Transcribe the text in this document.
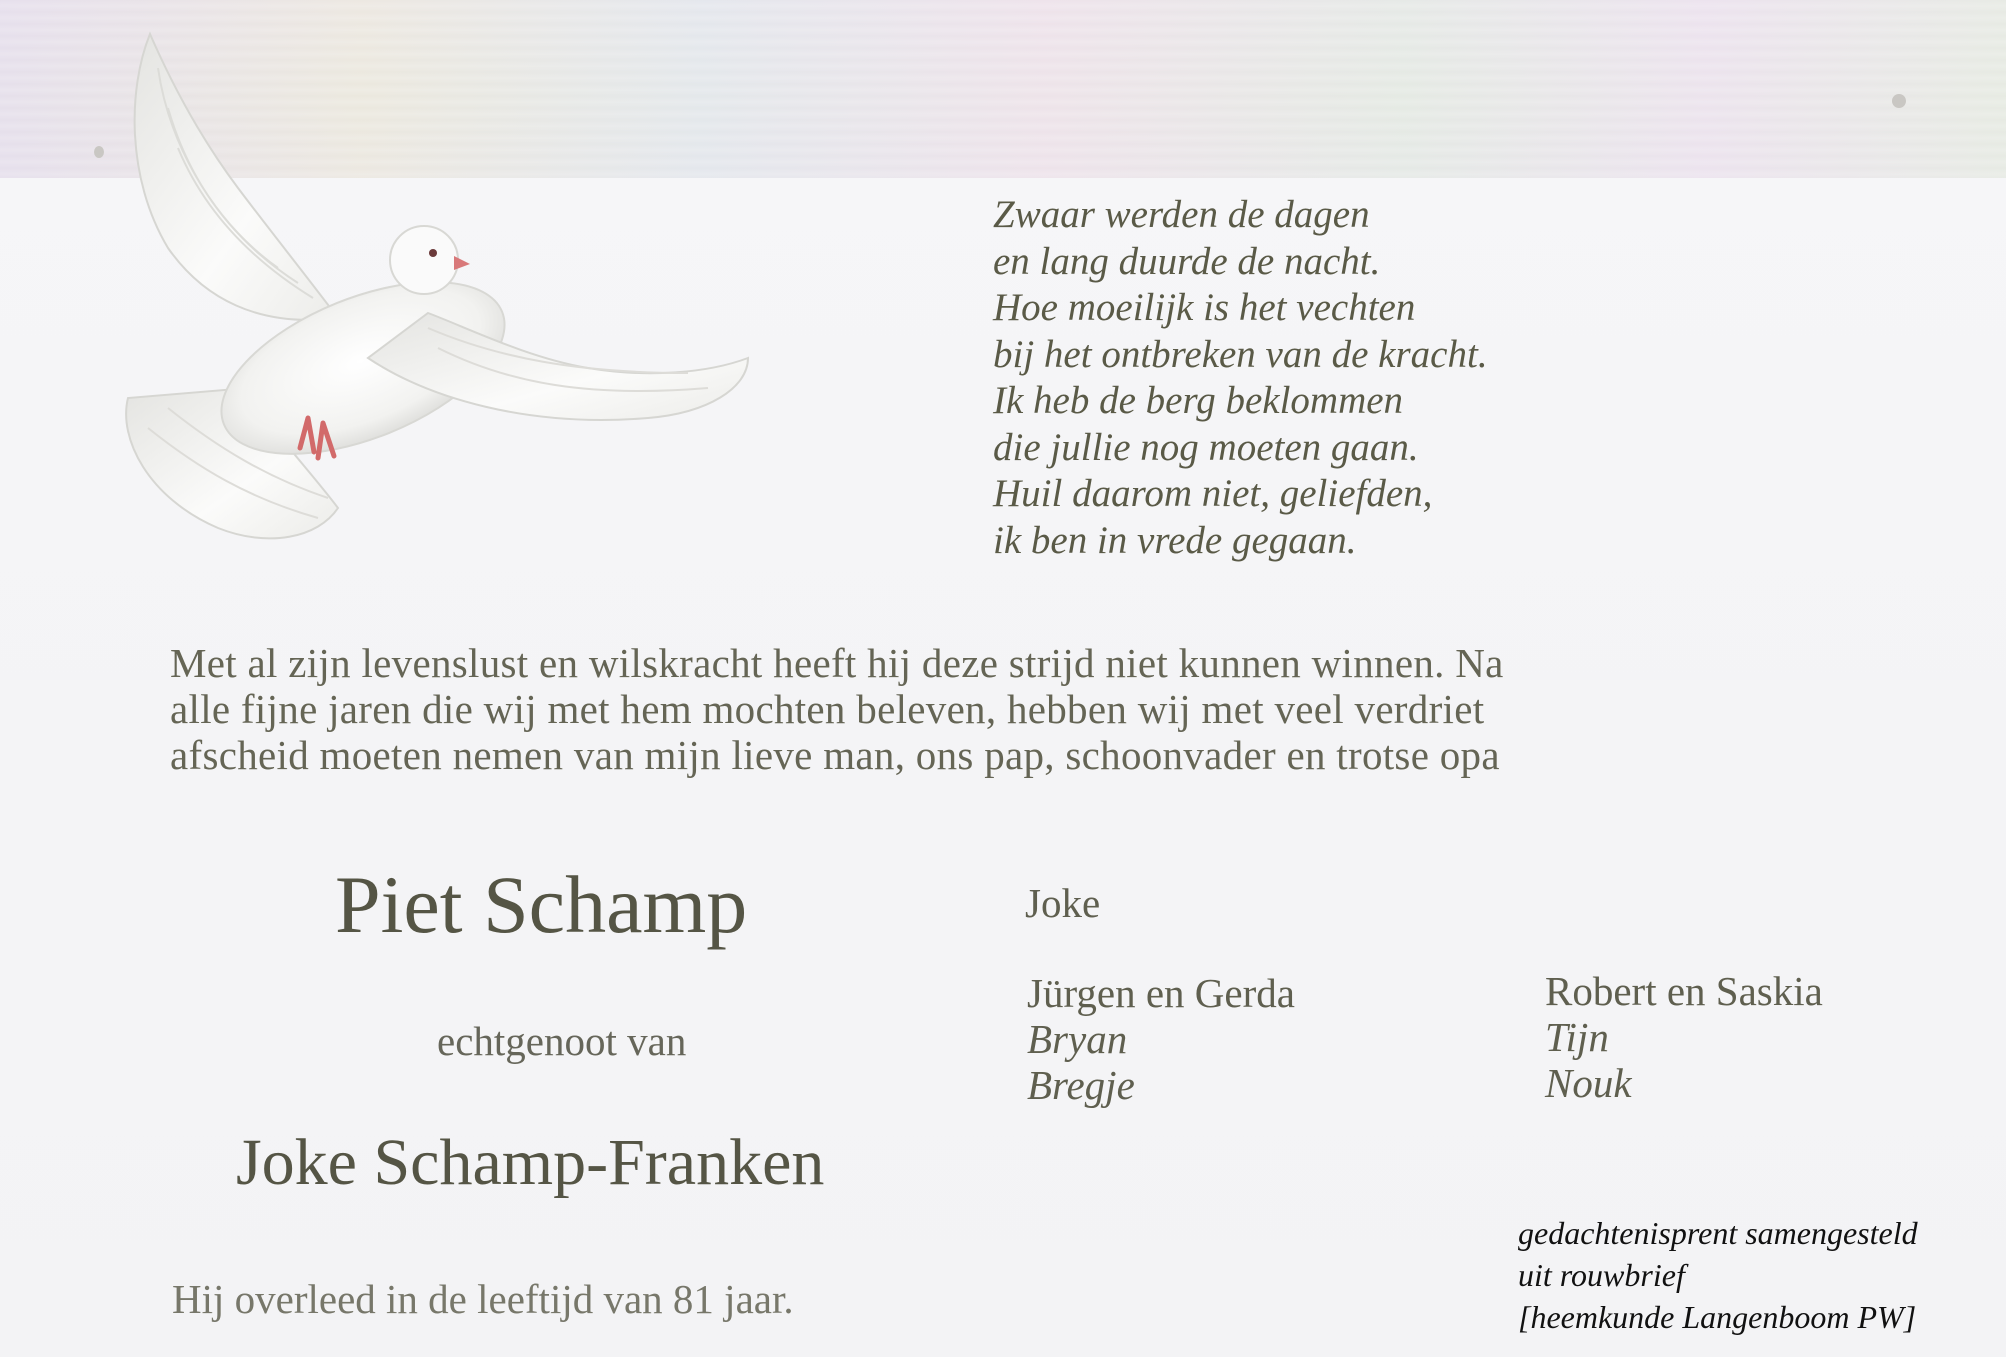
Zwaar werden de dagen
en lang duurde de nacht.
Hoe moeilijk is het vechten
bij het ontbreken van de kracht.
Ik heb de berg beklommen
die jullie nog moeten gaan.
Huil daarom niet, geliefden,
ik ben in vrede gegaan.
Met al zijn levenslust en wilskracht heeft hij deze strijd niet kunnen winnen. Na
alle fijne jaren die wij met hem mochten beleven, hebben wij met veel verdriet
afscheid moeten nemen van mijn lieve man, ons pap, schoonvader en trotse opa
Piet Schamp
echtgenoot van
Joke Schamp-Franken
Hij overleed in de leeftijd van 81 jaar.
Joke
Jürgen en Gerda
Bryan
Bregje
Robert en Saskia
Tijn
Nouk
gedachtenisprent samengesteld
uit rouwbrief
[heemkunde Langenboom PW]
